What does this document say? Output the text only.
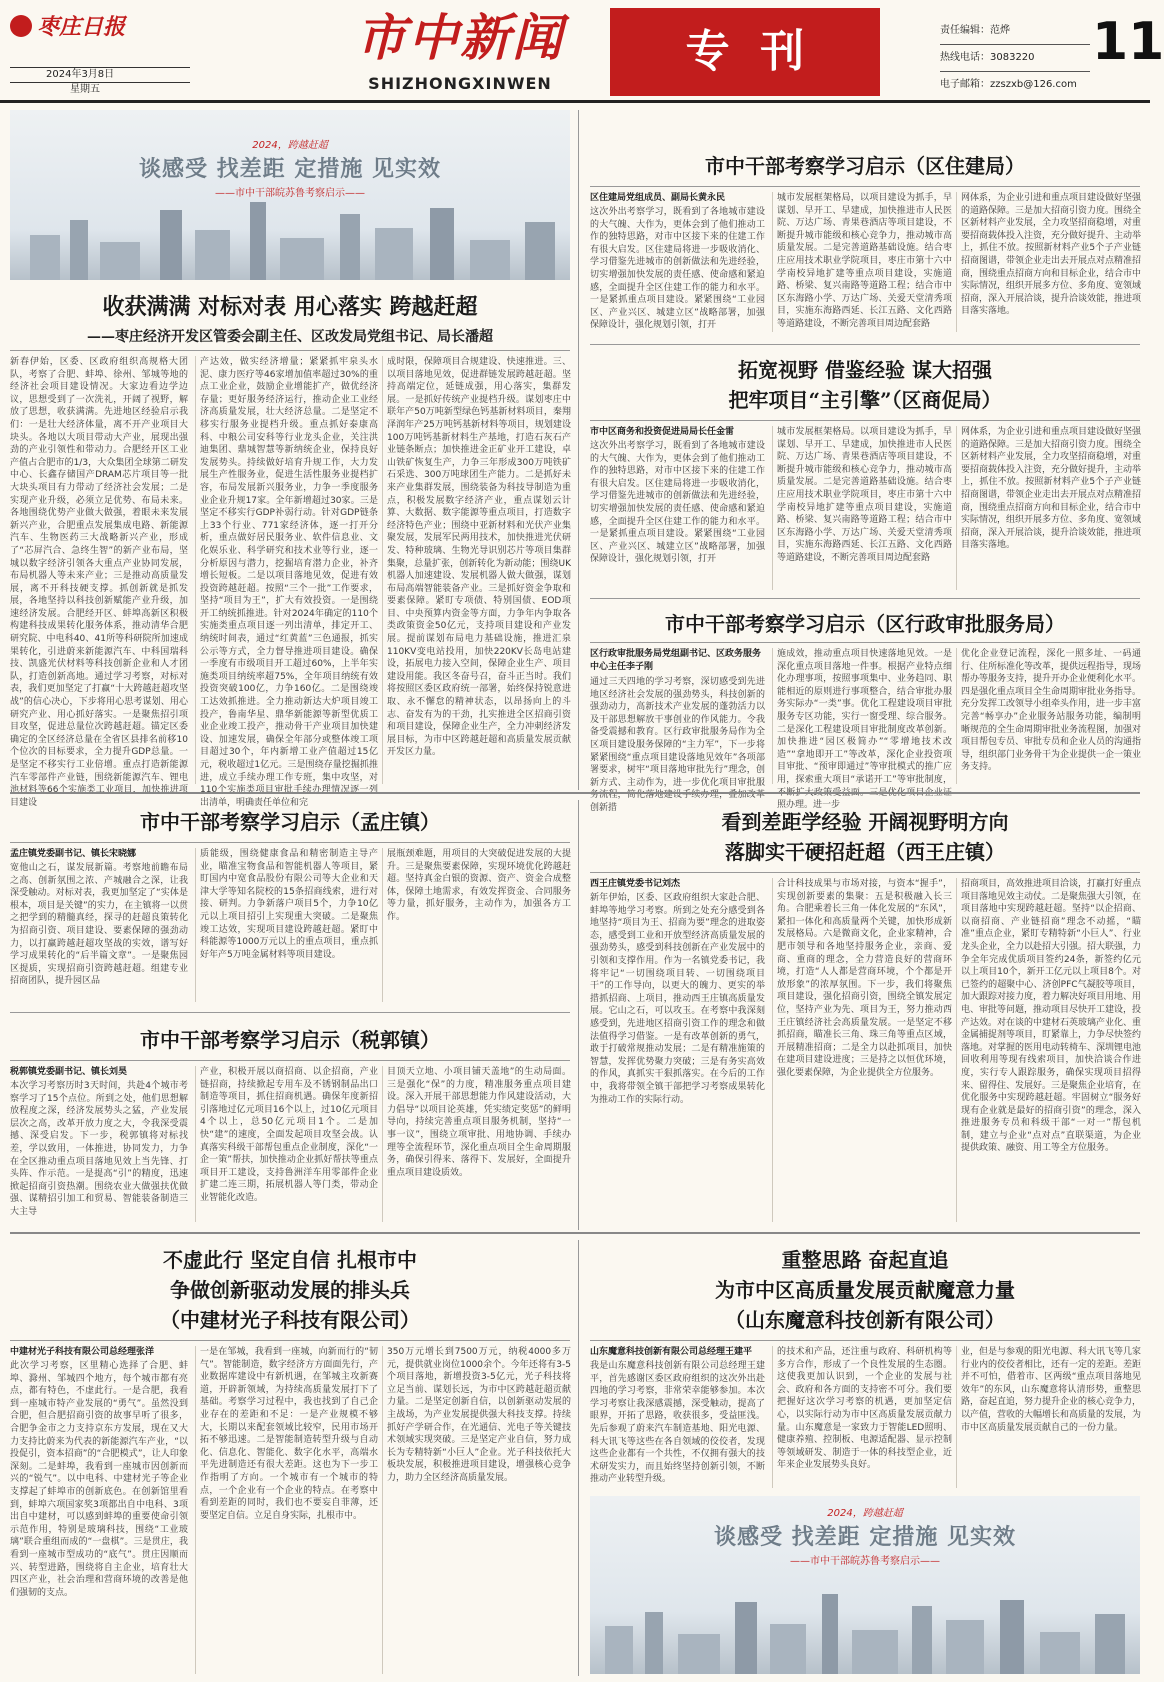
枣庄日报
2024年3月8日
星期五
市中新闻
SHIZHONGXINWEN
专  刊	责任编辑：范烨
热线电话：3083220
电子邮箱：zzszxb@126.com
11
2024，跨越赶超
谈感受 找差距 定措施 见实效
——市中干部皖苏鲁考察启示——
收获满满 对标对表 用心落实 跨越赶超
——枣庄经济开发区管委会副主任、区改发局党组书记、局长潘超
新春伊始，区委、区政府组织高规格大团队，考察了合肥、蚌埠、徐州、邹城等地的经济社会项目建设情况。大家边看边学边议，思想受到了一次洗礼，开阔了视野，解放了思想，收获满满。先进地区经验启示我们：一是壮大经济体量，离不开产业项目大块头。各地以大项目带动大产业，展现出强劲的产业引领性和带动力。合肥经开区工业产值占合肥市的1/3，大众集团全球第二研发中心、长鑫存储国产DRAM芯片项目等一批大块头项目有力带动了经济社会发展；二是实现产业升级，必须立足优势、布局未来。各地围绕优势产业做大做强，着眼未来发展新兴产业，合肥重点发展集成电路、新能源汽车、生物医药三大战略新兴产业，形成了“芯屏汽合、急终生智”的新产业布局，坚城以数字经济引领各大重点产业协同发展，布局机器人等未来产业；三是推动高质量发展，离不开科技硬支撑。抓创新就是抓发展，各地坚持以科技创新赋能产业升级，加速经济发展。合肥经开区、蚌埠高新区积极构建科技成果转化服务体系，推动清华合肥研究院、中电科40、41所等科研院所加速成果转化，引进蔚来新能源汽车、中科国瑞科技、凯盛光伏材料等科技创新企业和人才团队，打造创新高地。通过学习考察，对标对表，我们更加坚定了打赢“十大跨越赶超攻坚战”的信心决心，下步将用心思考谋划、用心研究产业、用心抓好落实。一是聚焦招引项目攻坚，促进总量位次跨越赶超。锚定区委确定的全区经济总量在全省区县排名前移10个位次的目标要求，全力提升GDP总量。一是坚定不移实行工业倍增。重点打造新能源汽车零部件产业链，围绕新能源汽车、锂电池材料等66个实施类工业项目，加快推进项目建设
产达效，做实经济增量；紧紧抓牢泉头水泥、康力医疗等46家增加值率超过30%的重点工业企业，鼓励企业增能扩产，做优经济存量；更好服务经济运行，推动企业工业经济高质量发展，壮大经济总量。二是坚定不移实行服务业提档升级。重点抓好泰康高科、中粮公司安科等行业龙头企业，关注洪迪集团、鼎城智慧等新纳统企业，保持良好发展势头。持续做好培育升规工作，大力发展生产性服务业，促进生活性服务业提档扩容，布局发展新兴服务业，力争一季度服务业企业升规17家。全年新增超过30家。三是坚定不移实行GDP补弱行动。针对GDP链条上33个行业、771家经济体，逐一打开分析，重点做好居民服务业、软件信息业、文化娱乐业、科学研究和技术业等行业，逐一分析原因与潜力，挖掘培育潜力企业，补齐增长短板。二是以项目落地见效，促进有效投资跨越赶超。按照“三个一批”工作要求，坚持“项目为王”，扩大有效投资。一是围绕开工纳统抓推进。针对2024年确定的110个实施类重点项目逐一列出清单，排定开工、纳统时间表，通过“红黄蓝”三色通报，抓实公示等方式，全力督导推进项目建设。确保一季度有市级项目开工超过60%，上半年实施类项目纳统率超75%，全年项目纳统有效投资突破100亿，力争160亿。二是围绕竣工达效抓推进。全力推动新达大炉项目竣工投产，鲁南华星、鼎华新能源等新型优质工业企业竣工投产，推动骨干产业项目加快建设、加速发展，确保全年部分或整体竣工项目超过30个，年内新增工业产值超过15亿元，税收超过1亿元。三是围绕存量挖掘抓推进，成立手续办理工作专班，集中攻坚，对110个实施类项目审批手续办理情况逐一列出清单，明确责任单位和完
成时限，保障项目合规建设、快速推进。三、以项目落地见效，促进群链发展跨越赶超。坚持高端定位，延链成强，用心落实，集群发展。一是抓好传统产业提档升级。谋划枣庄中联年产50万吨新型绿色钙基新材料项目，秦翔泽润年产25万吨钙基新材料等项目，规划建设100万吨钙基新材料生产基地，打造石灰石产业链条断点；加快推进金正矿业开工建设，卓山铁矿恢复生产，力争三年形成300万吨铁矿石采选、300万吨球团生产能力。二是抓好未来产业集群发展，围绕装备为科技导制造为重点，积极发展数字经济产业，重点谋划云计算、大数据、数字能源等重点项目，打造数字经济特色产业；围绕中亚新材料和光伏产业集聚发展，发展军民两用技术，加快推进光伏研发、特种玻璃、生物光导识别芯片等项目集群集聚，总量扩张，创新转化为新动能；围绕UK机器人加速建设、发展机器人做大做强，谋划布局高端智能装备产业。三是抓好资金争取和要素保障。紧盯专项债、特别国债、EOD项目、中央预算内资金等方面，力争年内争取各类政策资金50亿元，支持项目建设和产业发展。提前谋划布局电力基础设施，推进汇泉110KV变电站投用，加快220KV长岛电站建设，拓展电力接入空间，保障企业生产、项目建设用能。我区冬奋号召，奋斗正当时。我们将按照区委区政府统一部署，始终保持锐意进取、永不懈怠的精神状态，以昂扬向上的斗志、奋发有为的干劲，扎实推进全区招商引资和项目建设，保障企业生产，全力冲刺经济发展目标，为市中区跨越赶超和高质量发展贡献开发区力量。
市中干部考察学习启示（区住建局）
区住建局党组成员、副局长黄永民
这次外出考察学习，既看到了各地城市建设的大气魄、大作为，更体会到了他们推动工作的独特思路，对市中区接下来的住建工作有很大启发。区住建局将进一步吸收消化、学习借鉴先进城市的创新做法和先进经验，切实增强加快发展的责任感、使命感和紧迫感，全面提升全区住建工作的能力和水平。一是紧抓重点项目建设。紧紧围绕“工业园区、产业兴区、城建立区”战略部署，加强保障设计，强化规划引领，打开
城市发展框架格局，以项目建设为抓手，早谋划、早开工、早建成，加快推进市人民医院、万达广场、青果巷酒店等项目建设，不断提升城市能级和核心竞争力，推动城市高质量发展。二是完善道路基础设施。结合枣庄应用技术职业学院项目，枣庄市第十六中学南校异地扩建等重点项目建设，实施道路、桥梁、复兴南路等道路工程；结合市中区东海路小学、万达广场、关爱天堂清秀项目，实施东海路西延、长江五路、文化西路等道路建设，不断完善项目周边配套路
网体系，为企业引进和重点项目建设做好坚强的道路保障。三是加大招商引资力度。围绕全区新材料产业发展，全力攻坚招商稳增，对重要招商载体投入注资，充分做好提升、主动举上，抓住不放。按照新材料产业5个子产业链招商图谱，带领企业走出去开展点对点精准招商，围绕重点招商方向和目标企业，结合市中实际情况，组织开展多方位、多角度、宽领域招商，深入开展洽谈，提升洽谈效能，推进项目落实落地。
拓宽视野 借鉴经验 谋大招强
把牢项目“主引擎”（区商促局）
市中区商务和投资促进局局长任金雷
这次外出考察学习，既看到了各地城市建设的大气魄、大作为，更体会到了他们推动工作的独特思路，对市中区接下来的住建工作有很大启发。区住建局将进一步吸收消化，学习借鉴先进城市的创新做法和先进经验，切实增强加快发展的责任感、使命感和紧迫感，全面提升全区住建工作的能力和水平。一是紧抓重点项目建设。紧紧围绕“工业园区、产业兴区、城建立区”战略部署，加强保障设计，强化规划引领，打开
城市发展框架格局。以项目建设为抓手，早谋划、早开工、早建成，加快推进市人民医院、万达广场、青果巷酒店等项目建设，不断提升城市能级和核心竞争力，推动城市高质量发展。二是完善道路基础设施。结合枣庄应用技术职业学院项目，枣庄市第十六中学南校异地扩建等重点项目建设，实施道路、桥梁、复兴南路等道路工程；结合市中区东海路小学、万达广场、关爱天堂清秀项目，实施东海路西延、长江五路、文化西路等道路建设，不断完善项目周边配套路
网体系，为企业引进和重点项目建设做好坚强的道路保障。三是加大招商引资力度。围绕全区新材料产业发展，全力攻坚招商稳增，对重要招商载体投入注资，充分做好提升，主动举上，抓住不放。按照新材料产业5个子产业链招商图谱，带领企业走出去开展点对点精准招商，围绕重点招商方向和目标企业，结合市中实际情况，组织开展多方位、多角度、宽领域招商，深入开展洽谈，提升洽谈效能，推进项目落实落地。
市中干部考察学习启示（区行政审批服务局）
区行政审批服务局党组副书记、区政务服务中心主任李子刚
通过三天四地的学习考察，深切感受到先进地区经济社会发展的强劲势头，科技创新的强劲动力，高新技术产业发展的蓬勃活力以及干部思想解放干事创业的作风能力。令我备受震撼和教育。区行政审批服务局作为全区项目建设服务保障的“主力军”，下一步将紧紧围绕“重点项目建设落地见效年”各项部署要求，树牢“项目落地审批先行”理念，创新方式、主动作为，进一步优化项目审批服务流程，简化落地建设手续办理，叠加改革创新措
施成效，推动重点项目快速落地见效。一是深化重点项目落地一件事。根据产业特点细化办理事项，按照事项集中、业务趋同、职能相近的原则进行事项整合，结合审批办服务实际办“一类”事。优化工程建设项目审批服务专区功能，实行一窗受理、综合服务。二是深化工程建设项目审批制度改革创新。加快推进“园区极简办”“零增地技术改造”“拿地即开工”等改革，深化企业投资项目审批、“预审即通过”等审批模式的推广应用，探索重大项目“承诺开工”等审批制度，不断扩大政策受益面。三是优化项目企业证照办理。进一步
优化企业登记流程，深化一照多址、一码通行、住所标准化等改革，提供远程指导，现场帮办等服务支持，提升开办企业便利化水平。四是强化重点项目全生命周期审批业务指导。充分发挥工改领导小组牵头作用，进一步丰富完善“畅享办”企业服务站服务功能，编制明晰规范的全生命周期审批业务流程图，加强对项目帮包专员、审批专员和企业人员的沟通指导，组织部门业务骨干为企业提供一企一策业务支持。
市中干部考察学习启示（孟庄镇）
孟庄镇党委副书记、镇长宋晓娜
宽他山之石，谋发展新篇。考察地前瞻布局之高、创新氛围之浓、产城融合之深，让我深受触动。对标对表，我更加坚定了“实体是根本，项目是关键”的实力，在主镇将一以贯之把学到的精髓真经，探寻的赶超良策转化为招商引资、项目建设、要素保障的强劲动力，以打赢跨越赶超攻坚战的实效，谱写好学习成果转化的“后半篇文章”。一是聚焦园区提质，实现招商引资跨越赶超。组建专业招商团队，提升园区品
质能级，围绕健康食品和精密制造主导产业，瞄准宝物食品和智能机器人等项目，紧盯国内中宽食品股份有限公司等大企业和天津大学等知名院校的15条招商线索，进行对接、研判。力争新落户项目5个，力争10亿元以上项目招引上实现重大突破。二是聚焦竣工达效，实现项目建设跨越赶超。紧盯中科能源等1000万元以上的重点项目，重点抓好年产5万吨金属材料等项目建设。
展瓶颈难题，用项目的大突破促进发展的大提升。三是聚焦要素保障，实现环境优化跨越赶超。坚持真金白银的资源、资产、资金合成整体，保障土地需求，有效发挥资金、合同服务等力量，抓好服务，主动作为，加强各方工作。
市中干部考察学习启示（税郭镇）
税郭镇党委副书记、镇长刘昊
本次学习考察历时3天时间，共赴4个城市考察学习了15个点位。所到之处，他们思想解放程度之深，经济发展势头之猛，产业发展层次之高，改革开放力度之大，令我深受震撼、深受启发。下一步，税郭镇将对标找差，学以致用，一体推进，协同发力，力争在全区推动重点项目落地见效上当先锋、打头阵、作示范。一是提高“引”的精度，迅速掀起招商引资热潮。围绕农业大做强扶优做强、谋精招引加工和贸易、智能装备制造三大主导
产业，积极开展以商招商、以企招商，产业链招商，持续掀起专用车及不锈钢制品出口制造等项目，抓住招商机遇。确保年度新招引落地过亿元项目16个以上，过10亿元项目4个以上，总50亿元项目1个。二是加快“建”的速度，全面发起项目攻坚会战。认真落实科级干部帮包重点企业制度，深化“一企一策”帮扶，加快推动企业抓好帮扶等重点项目开工建设，支持鲁洲洋车用零部件企业扩建二连三期，拓展机器人等门类，带动企业智能化改造。
目顶天立地、小项目铺天盖地”的生动局面。三是强化“保”的力度，精准服务重点项目建设。深入开展干部思想能力作风建设活动，大力倡导“以项目论英雄，凭实绩定奖惩”的鲜明导向，持续完善重点项目服务机制，坚持“一事一议”，围绕立项审批、用地协调、手续办理等全流程环节，深化重点项目全生命周期服务，确保引得来、落得下、发展好，全面提升重点项目建设质效。
看到差距学经验 开阔视野明方向
落脚实干硬招赶超（西王庄镇）
西王庄镇党委书记刘杰
新年伊始，区委、区政府组织大家赴合肥、蚌埠等地学习考察。所到之处充分感受到各地坚持“项目为王、招商为要”理念的进取姿态，感受到工业和开放型经济高质量发展的强劲势头，感受到科技创新在产业发展中的引领和支撑作用。作为一名镇党委书记，我将牢记“一切围绕项目转、一切围绕项目干”的工作导向，以更大的魄力、更实的举措抓招商、上项目，推动西王庄镇高质量发展。它山之石，可以攻玉。在考察中我深刻感受到，先进地区招商引资工作的理念和做法值得学习借鉴。一是有改革创新的勇气，敢于打破常规推动发展；二是有精准施策的智慧，发挥优势聚力突破；三是有务实高效的作风，真抓实干狠抓落实。在今后的工作中，我将带领全镇干部把学习考察成果转化为推动工作的实际行动。
合计科技成果与市场对接，与资本“握手”，实现创新要素的集聚：五是积极融入长三角。合肥乘着长三角一体化发展的“东风”，紧扣一体化和高质量两个关键，加快形成新发展格局。六是微商文化，企业家精神，合肥市领导和各地坚持服务企业，亲商、爱商、重商的理念，全力营造良好的营商环境，打造“人人都是营商环境，个个都是开放形象”的浓厚氛围。下一步，我们将聚焦项目建设，强化招商引资，围绕全镇发展定位，坚持产业为先、项目为王，努力推动西王庄镇经济社会高质量发展。一是坚定不移抓招商，瞄准长三角、珠三角等重点区域，开展精准招商；二是全力以赴抓项目，加快在建项目建设进度；三是持之以恒优环境，强化要素保障，为企业提供全方位服务。
招商项目，高效推进项目洽谈，打赢打好重点项目落地见效主动仗。二是聚焦强大引领，在项目落地中实现跨越赶超。坚持“以企招商、以商招商、产业链招商”理念不动摇，“瞄准”重点企业，紧盯专精特新“小巨人”、行业龙头企业，全力以赴招大引强。招大联强，力争全年完成优质项目签约24条，新签约亿元以上项目10个，新开工亿元以上项目8个。对已签约的超聚中心、济创PFC气凝胶等项目，加大跟踪对接力度，着力解决好项目用地、用电、审批等问题，推动项目尽快开工建设，投产达效。对在谈的中建材石英玻璃产业化、重金属捕捉剂等项目，盯紧靠上，力争尽快签约落地。对掌握的医用电动转椅车、深圳锂电池回收利用等现有线索项目，加快洽谈合作进度，实行专人跟踪服务，确保实现项目招得来、留得住、发展好。三是聚焦企业培育，在优化服务中实现跨越赶超。牢固树立“服务好现有企业就是最好的招商引资”的理念，深入推进服务专员和科级干部“一对一”帮包机制，建立与企业“点对点”直联渠道，为企业提供政策、融资、用工等全方位服务。
不虚此行 坚定自信 扎根市中
争做创新驱动发展的排头兵
（中建材光子科技有限公司）
中建材光子科技有限公司总经理张洋
此次学习考察，区里精心选择了合肥、蚌埠、滁州、邹城四个地方，每个城市都有亮点，都有特色，不虚此行。一是合肥，我看到一座城市特产业发展的“勇气”。虽然没到合肥，但合肥招商引资的故事早听了很多，合肥争金市之力支持京东方发展，现在又大力支持比蔚来为代表的新能源汽车产业，“以投促引，资本招商”的“合肥模式”，让人印象深刻。二是蚌埠，我看到一座城市因创新而兴的“锐气”。以中电科、中建材光子等企业支撑起了蚌埠市的创新底色。在创新馆里看到，蚌埠六项国家奖3项都出自中电科、3项出自中建材，可以感到蚌埠的重要使命引领示范作用，特别是玻璃科技，围绕“工业玻璃”联合重组而成的“一盘棋”。三是贯庄，我看到一座城市型成功的“底气”。贯庄因顺而兴、转型进路，围绕将自主企业，培育壮大四区产业，社会治理和营商环境的改善是他们强韧的支点。
一是在邹城，我看到一座城，向新而行的“韧气”。智能制造，数字经济方方面面先行，产业数据库建设中有新机遇，在邹城主攻新赛道，开辟新领域，为持续高质量发展打下了基础。考察学习过程中，我也找到了自己企业存在的差距和不足：一是产业规模不够大，长期以来配套领域比较窄，民用市场开拓不够迅速。二是智能制造转型升级与自动化、信息化、智能化、数字化水平，高端水平先进制造还有很大差距。这也为下一步工作指明了方向。一个城市有一个城市的特点，一个企业有一个企业的特点。在考察中看到差距的同时，我们也不要妄自菲薄，还要坚定自信。立足自身实际，扎根市中。
350万元增长到7500万元，纳税4000多万元，提供就业岗位1000余个。今年还将有3-5个项目落地，新增投资3-5亿元，光子科技将立足当前、谋划长远，为市中区跨越赶超贡献力量。二是坚定创新自信，以创新驱动发展的主战场，为产业发展提供强大科技支撑。持续抓好产学研合作，在光通信、光电子等关键技术领域实现突破。三是坚定产业自信，努力成长为专精特新“小巨人”企业。光子科技依托大板块发展，积极推进项目建设，增强核心竞争力，助力全区经济高质量发展。
重整思路 奋起直追
为市中区高质量发展贡献魔意力量
（山东魔意科技创新有限公司）
山东魔意科技创新有限公司总经理王建平
我是山东魔意科技创新有限公司总经理王建平，首先感谢区委区政府组织的这次外出赴四地的学习考察，非常荣幸能够参加。本次学习考察让我深感震撼，深受触动，提高了眼界，开拓了思路，收获很多，受益匪浅。先后参观了蔚来汽车制造基地、阳光电源、科大讯飞等这些在各自领域的佼佼者，发现这些企业都有一个共性，不仅拥有强大的技术研发实力，而且始终坚持创新引领，不断推动产业转型升级。
的技术和产品，还注重与政府、科研机构等多方合作，形成了一个良性发展的生态圈。这使我更加认识到，一个企业的发展与社会、政府和各方面的支持密不可分。我们要把握好这次学习考察的机遇，更加坚定信心，以实际行动为市中区高质量发展贡献力量。山东魔意是一家致力于智能LED照明、健康养殖、控制板、电源适配器、显示控制等领域研发、制造于一体的科技型企业，近年来企业发展势头良好。
业，但是与参观的阳光电源、科大讯飞等几家行业内的佼佼者相比，还有一定的差距。差距并不可怕，借着市、区两级“重点项目落地见效年”的东风，山东魔意将认清形势，重整思路，奋起直追，努力提升企业的核心竞争力，以产值，营收的大幅增长和高质量的发展，为市中区高质量发展贡献自己的一份力量。
2024，跨越赶超
谈感受 找差距 定措施 见实效
——市中干部皖苏鲁考察启示——
